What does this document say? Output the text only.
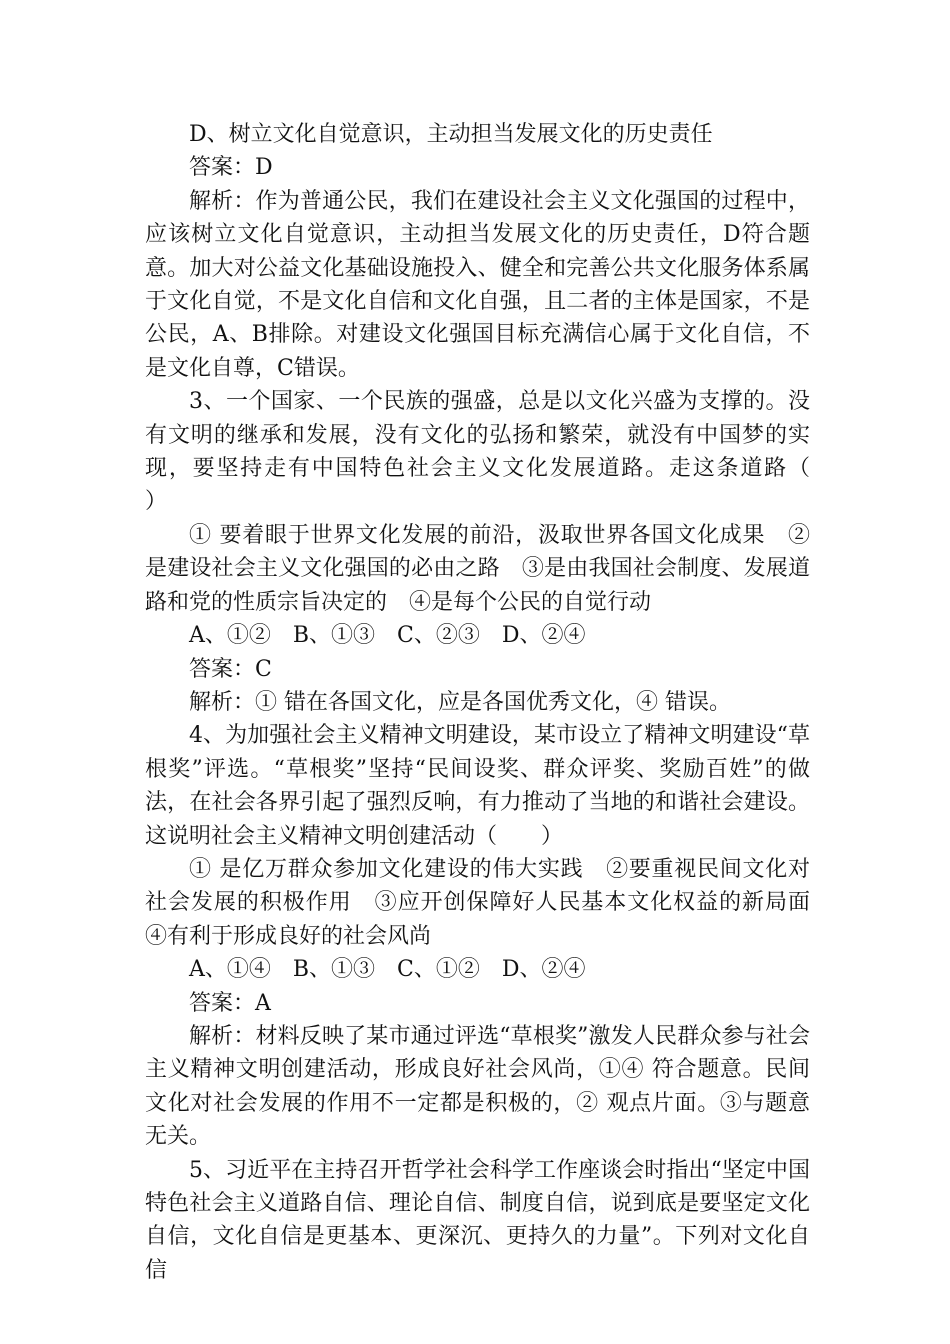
D、树立文化自觉意识，主动担当发展文化的历史责任

答案：D

解析：作为普通公民，我们在建设社会主义文化强国的过程中，应该树立文化自觉意识，主动担当发展文化的历史责任，D符合题意。加大对公益文化基础设施投入、健全和完善公共文化服务体系属于文化自觉，不是文化自信和文化自强，且二者的主体是国家，不是公民，A、B排除。对建设文化强国目标充满信心属于文化自信，不是文化自尊，C错误。

3、一个国家、一个民族的强盛，总是以文化兴盛为支撑的。没有文明的继承和发展，没有文化的弘扬和繁荣，就没有中国梦的实现，要坚持走有中国特色社会主义文化发展道路。走这条道路（　　）

① 要着眼于世界文化发展的前沿，汲取世界各国文化成果　②是建设社会主义文化强国的必由之路　③是由我国社会制度、发展道路和党的性质宗旨决定的　④是每个公民的自觉行动

A、①②　B、①③　C、②③　D、②④

答案：C

解析：① 错在各国文化，应是各国优秀文化，④ 错误。

4、为加强社会主义精神文明建设，某市设立了精神文明建设“草根奖”评选。“草根奖”坚持“民间设奖、群众评奖、奖励百姓”的做法，在社会各界引起了强烈反响，有力推动了当地的和谐社会建设。这说明社会主义精神文明创建活动（　　）

① 是亿万群众参加文化建设的伟大实践　②要重视民间文化对社会发展的积极作用　③应开创保障好人民基本文化权益的新局面　④有利于形成良好的社会风尚

A、①④　B、①③　C、①②　D、②④

答案：A

解析：材料反映了某市通过评选“草根奖”激发人民群众参与社会主义精神文明创建活动，形成良好社会风尚，①④ 符合题意。民间文化对社会发展的作用不一定都是积极的，② 观点片面。③与题意无关。

5、习近平在主持召开哲学社会科学工作座谈会时指出“坚定中国特色社会主义道路自信、理论自信、制度自信，说到底是要坚定文化自信，文化自信是更基本、更深沉、更持久的力量”。下列对文化自信
